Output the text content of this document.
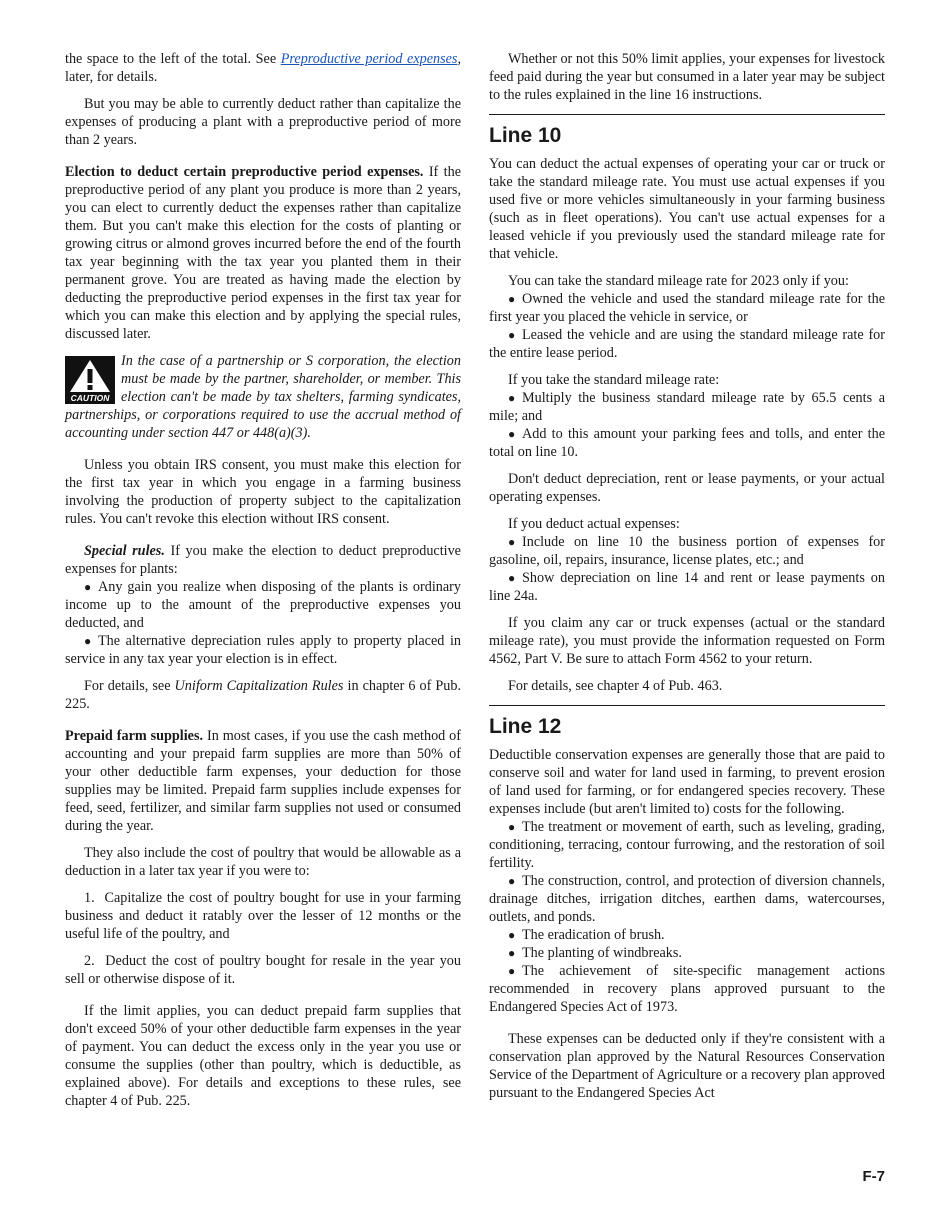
the space to the left of the total. See Preproductive period expenses, later, for details.

But you may be able to currently deduct rather than capitalize the expenses of producing a plant with a preproductive period of more than 2 years.

Election to deduct certain preproductive period expenses. If the preproductive period of any plant you produce is more than 2 years, you can elect to currently deduct the expenses rather than capitalize them. But you can't make this election for the costs of planting or growing citrus or almond groves incurred before the end of the fourth tax year beginning with the tax year you planted them in their permanent grove. You are treated as having made the election by deducting the preproductive period expenses in the first tax year for which you can make this election and by applying the special rules, discussed later.

CAUTION
In the case of a partnership or S corporation, the election must be made by the partner, shareholder, or member. This election can't be made by tax shelters, farming syndicates, partnerships, or corporations required to use the accrual method of accounting under section 447 or 448(a)(3).

Unless you obtain IRS consent, you must make this election for the first tax year in which you engage in a farming business involving the production of property subject to the capitalization rules. You can't revoke this election without IRS consent.

Special rules. If you make the election to deduct preproductive expenses for plants:

● Any gain you realize when disposing of the plants is ordinary income up to the amount of the preproductive expenses you deducted, and

● The alternative depreciation rules apply to property placed in service in any tax year your election is in effect.

For details, see Uniform Capitalization Rules in chapter 6 of Pub. 225.

Prepaid farm supplies. In most cases, if you use the cash method of accounting and your prepaid farm supplies are more than 50% of your other deductible farm expenses, your deduction for those supplies may be limited. Prepaid farm supplies include expenses for feed, seed, fertilizer, and similar farm supplies not used or consumed during the year.

They also include the cost of poultry that would be allowable as a deduction in a later tax year if you were to:

1.  Capitalize the cost of poultry bought for use in your farming business and deduct it ratably over the lesser of 12 months or the useful life of the poultry, and

2.  Deduct the cost of poultry bought for resale in the year you sell or otherwise dispose of it.

If the limit applies, you can deduct prepaid farm supplies that don't exceed 50% of your other deductible farm expenses in the year of payment. You can deduct the excess only in the year you use or consume the supplies (other than poultry, which is deductible, as explained above). For details and exceptions to these rules, see chapter 4 of Pub. 225.

Whether or not this 50% limit applies, your expenses for livestock feed paid during the year but consumed in a later year may be subject to the rules explained in the line 16 instructions.

Line 10

You can deduct the actual expenses of operating your car or truck or take the standard mileage rate. You must use actual expenses if you used five or more vehicles simultaneously in your farming business (such as in fleet operations). You can't use actual expenses for a leased vehicle if you previously used the standard mileage rate for that vehicle.

You can take the standard mileage rate for 2023 only if you:

● Owned the vehicle and used the standard mileage rate for the first year you placed the vehicle in service, or

● Leased the vehicle and are using the standard mileage rate for the entire lease period.

If you take the standard mileage rate:

● Multiply the business standard mileage rate by 65.5 cents a mile; and

● Add to this amount your parking fees and tolls, and enter the total on line 10.

Don't deduct depreciation, rent or lease payments, or your actual operating expenses.

If you deduct actual expenses:

● Include on line 10 the business portion of expenses for gasoline, oil, repairs, insurance, license plates, etc.; and

● Show depreciation on line 14 and rent or lease payments on line 24a.

If you claim any car or truck expenses (actual or the standard mileage rate), you must provide the information requested on Form 4562, Part V. Be sure to attach Form 4562 to your return.

For details, see chapter 4 of Pub. 463.

Line 12

Deductible conservation expenses are generally those that are paid to conserve soil and water for land used in farming, to prevent erosion of land used for farming, or for endangered species recovery. These expenses include (but aren't limited to) costs for the following.

● The treatment or movement of earth, such as leveling, grading, conditioning, terracing, contour furrowing, and the restoration of soil fertility.

● The construction, control, and protection of diversion channels, drainage ditches, irrigation ditches, earthen dams, watercourses, outlets, and ponds.

● The eradication of brush.

● The planting of windbreaks.

● The achievement of site-specific management actions recommended in recovery plans approved pursuant to the Endangered Species Act of 1973.

These expenses can be deducted only if they're consistent with a conservation plan approved by the Natural Resources Conservation Service of the Department of Agriculture or a recovery plan approved pursuant to the Endangered Species Act

F-7
